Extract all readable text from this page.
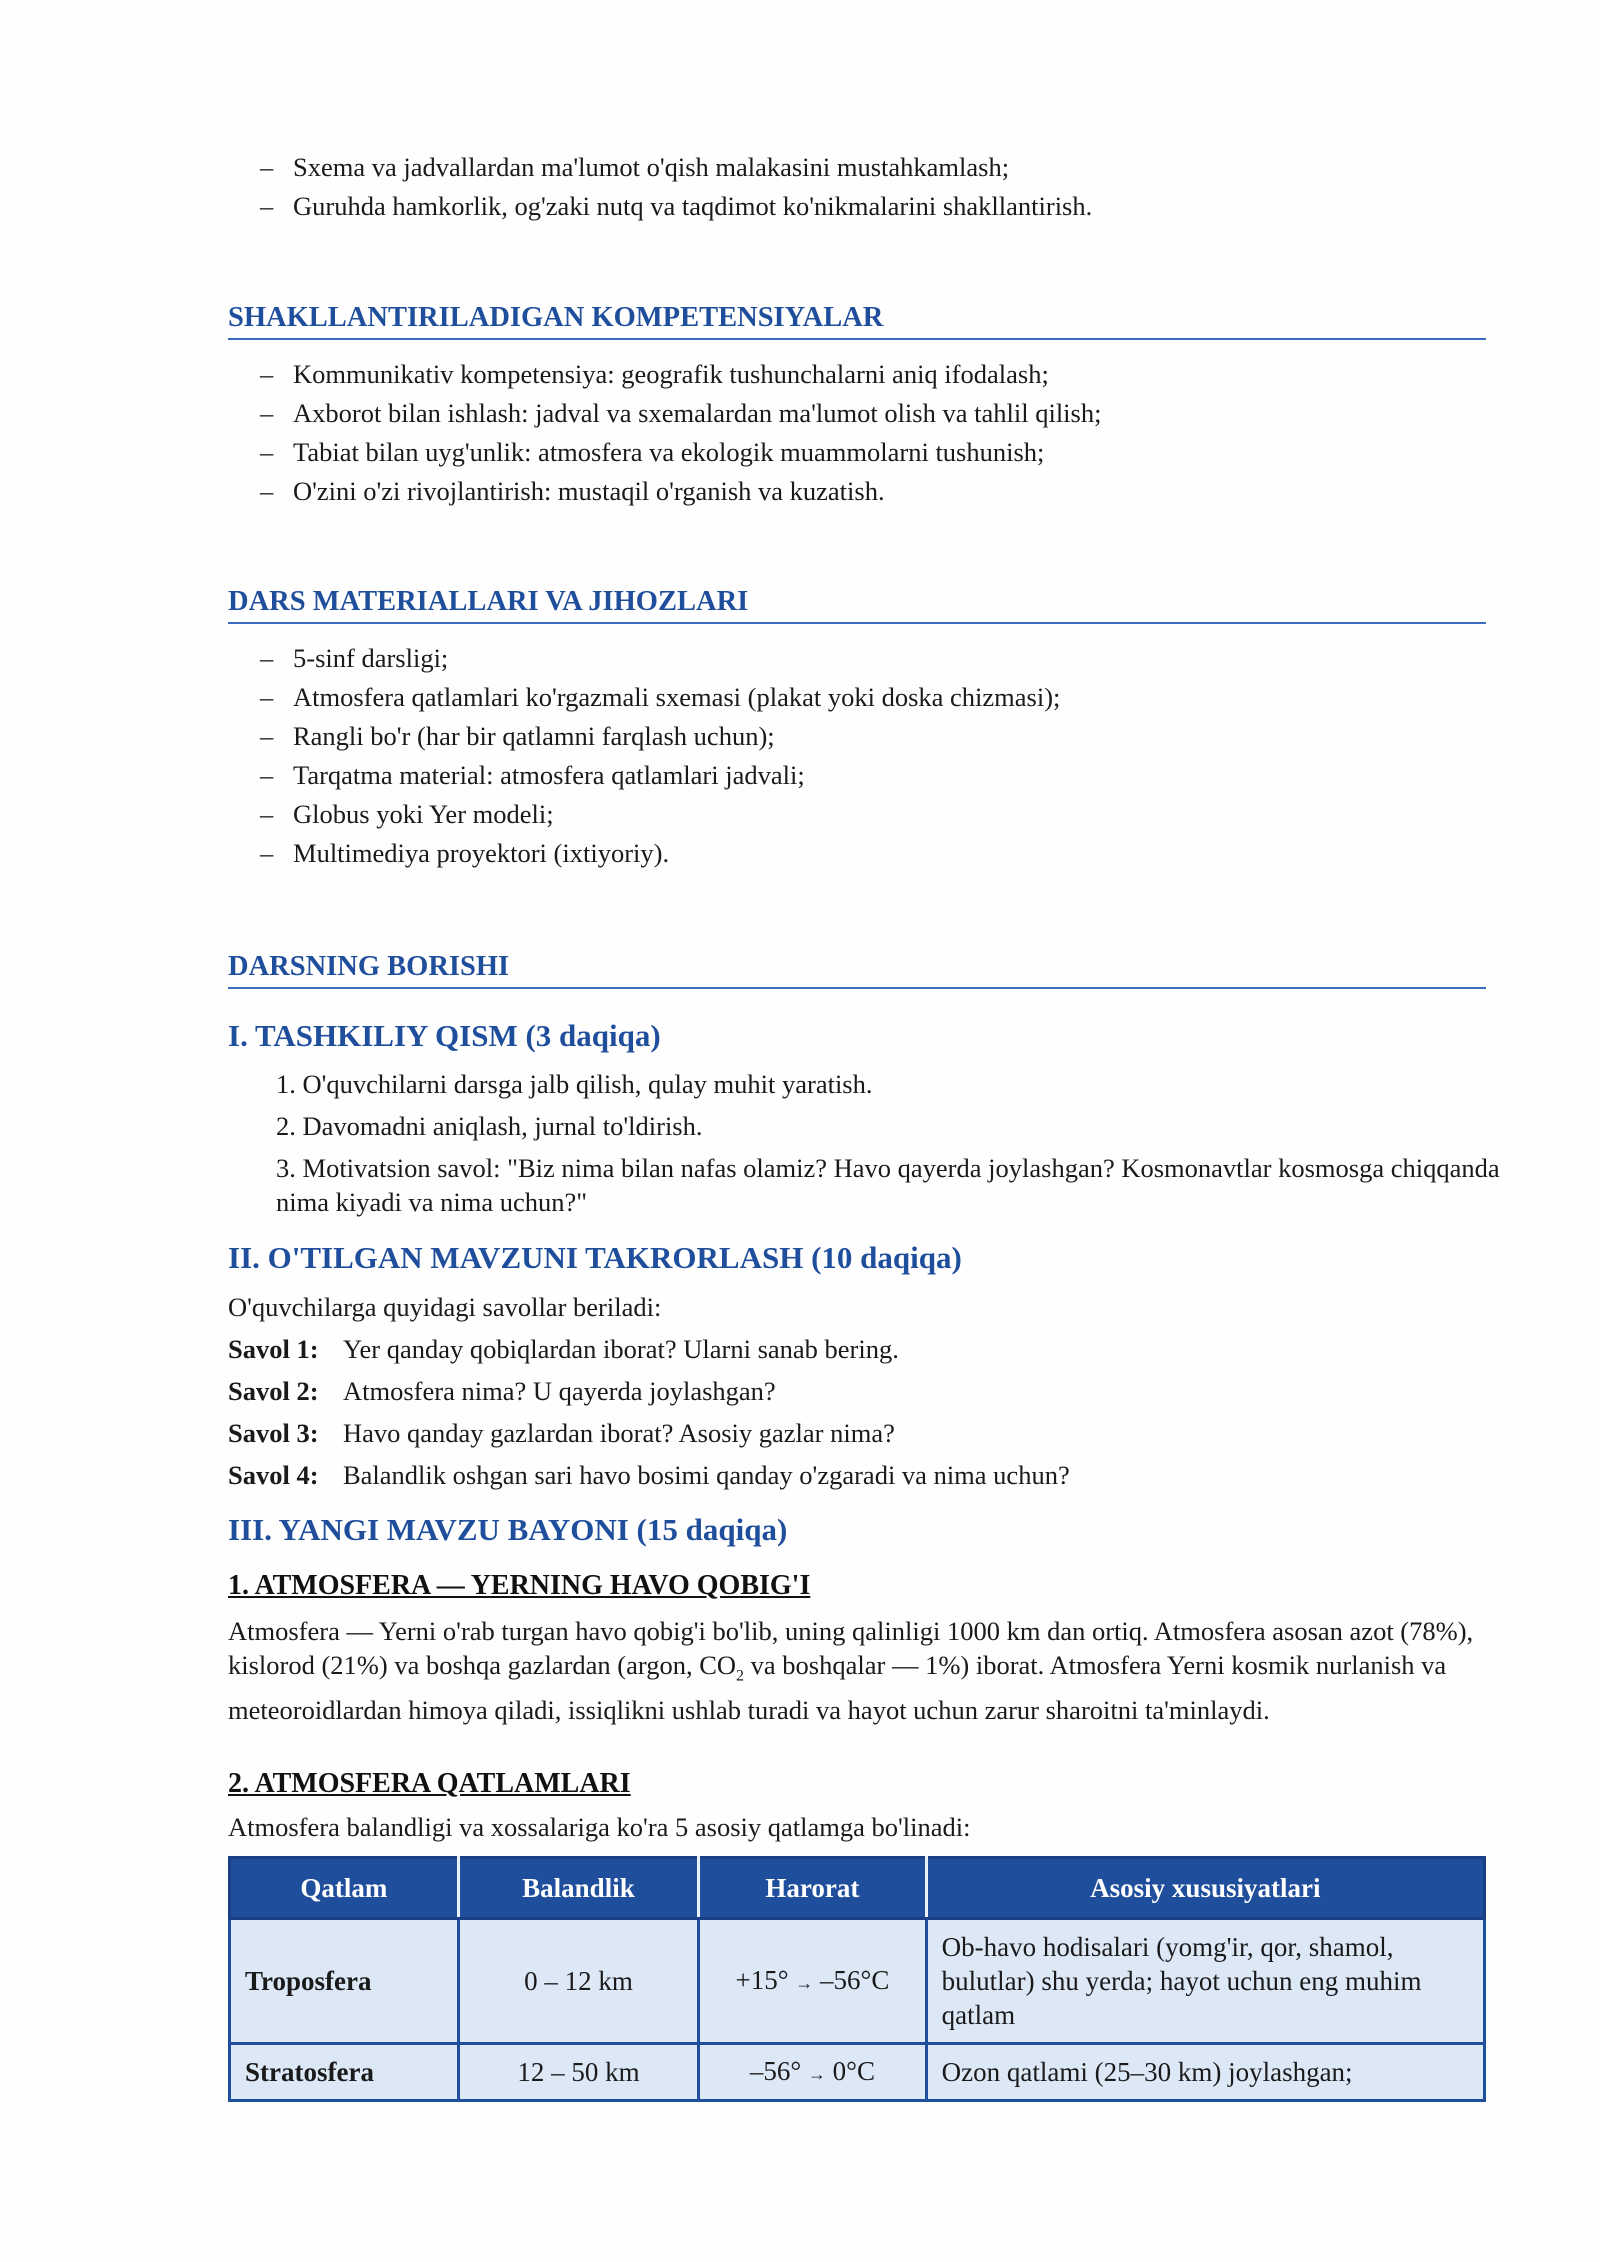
– Sxema va jadvallardan ma'lumot o'qish malakasini mustahkamlash;
– Guruhda hamkorlik, og'zaki nutq va taqdimot ko'nikmalarini shakllantirish.
SHAKLLANTIRILADIGAN KOMPETENSIYALAR
– Kommunikativ kompetensiya: geografik tushunchalarni aniq ifodalash;
– Axborot bilan ishlash: jadval va sxemalardan ma'lumot olish va tahlil qilish;
– Tabiat bilan uyg'unlik: atmosfera va ekologik muammolarni tushunish;
– O'zini o'zi rivojlantirish: mustaqil o'rganish va kuzatish.
DARS MATERIALLARI VA JIHOZLARI
– 5-sinf darsligi;
– Atmosfera qatlamlari ko'rgazmali sxemasi (plakat yoki doska chizmasi);
– Rangli bo'r (har bir qatlamni farqlash uchun);
– Tarqatma material: atmosfera qatlamlari jadvali;
– Globus yoki Yer modeli;
– Multimediya proyektori (ixtiyoriy).
DARSNING BORISHI
I. TASHKILIY QISM (3 daqiqa)
1. O'quvchilarni darsga jalb qilish, qulay muhit yaratish.
2. Davomadni aniqlash, jurnal to'ldirish.
3. Motivatsion savol: "Biz nima bilan nafas olamiz? Havo qayerda joylashgan? Kosmonavtlar kosmosga chiqqanda nima kiyadi va nima uchun?"
II. O'TILGAN MAVZUNI TAKRORLASH (10 daqiqa)

O'quvchilarga quyidagi savollar beriladi:

Savol 1: Yer qanday qobiqlardan iborat? Ularni sanab bering.
Savol 2: Atmosfera nima? U qayerda joylashgan?
Savol 3: Havo qanday gazlardan iborat? Asosiy gazlar nima?
Savol 4: Balandlik oshgan sari havo bosimi qanday o'zgaradi va nima uchun?
III. YANGI MAVZU BAYONI (15 daqiqa)
1. ATMOSFERA — YERNING HAVO QOBIG'I

Atmosfera — Yerni o'rab turgan havo qobig'i bo'lib, uning qalinligi 1000 km dan ortiq. Atmosfera asosan azot (78%), kislorod (21%) va boshqa gazlardan (argon, $CO_2$ va boshqalar — 1%) iborat. Atmosfera Yerni kosmik nurlanish va meteoroidlardan himoya qiladi, issiqlikni ushlab turadi va hayot uchun zarur sharoitni ta'minlaydi.

2. ATMOSFERA QATLAMLARI

Atmosfera balandligi va xossalariga ko'ra 5 asosiy qatlamga bo'linadi:

Qatlam	Balandlik	Harorat	Asosiy xususiyatlari
Troposfera	0 – 12 km	+15° → –56°C	Ob-havo hodisalari (yomg'ir, qor, shamol, bulutlar) shu yerda; hayot uchun eng muhim qatlam
Stratosfera	12 – 50 km	–56° → 0°C	Ozon qatlami (25–30 km) joylashgan;
